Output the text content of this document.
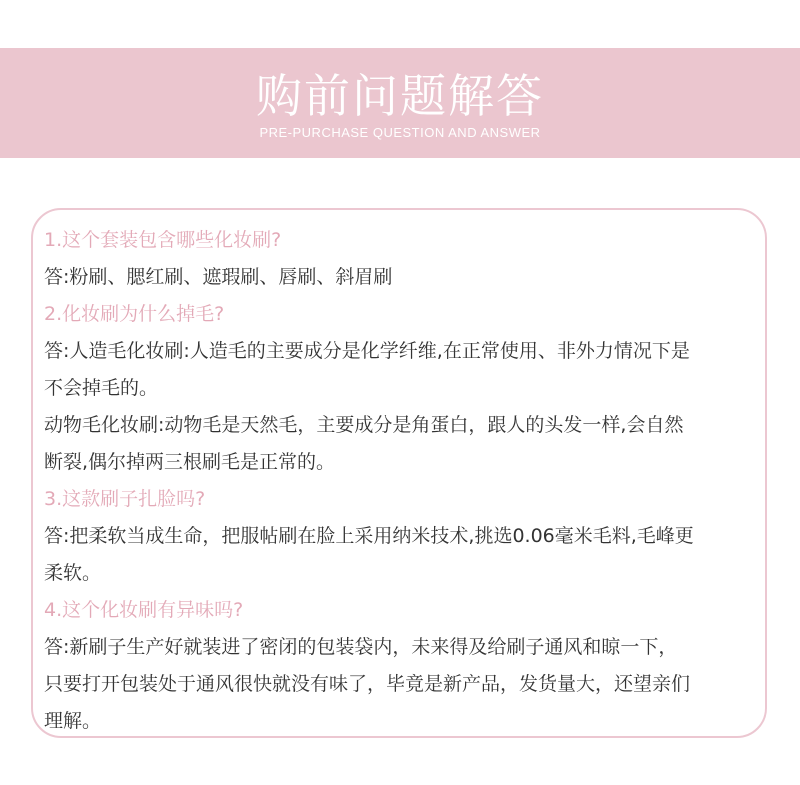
购前问题解答
PRE-PURCHASE QUESTION AND ANSWER

1.这个套装包含哪些化妆刷?

答:粉刷、腮红刷、遮瑕刷、唇刷、斜眉刷

2.化妆刷为什么掉毛?

答:人造毛化妆刷:人造毛的主要成分是化学纤维,在正常使用、非外力情况下是

不会掉毛的。

动物毛化妆刷:动物毛是天然毛，主要成分是角蛋白，跟人的头发一样,会自然

断裂,偶尔掉两三根刷毛是正常的。

3.这款刷子扎脸吗?

答:把柔软当成生命，把服帖刷在脸上采用纳米技术,挑选0.06毫米毛料,毛峰更

柔软。

4.这个化妆刷有异味吗?

答:新刷子生产好就装进了密闭的包装袋内，未来得及给刷子通风和晾一下，

只要打开包装处于通风很快就没有味了，毕竟是新产品，发货量大，还望亲们

理解。
